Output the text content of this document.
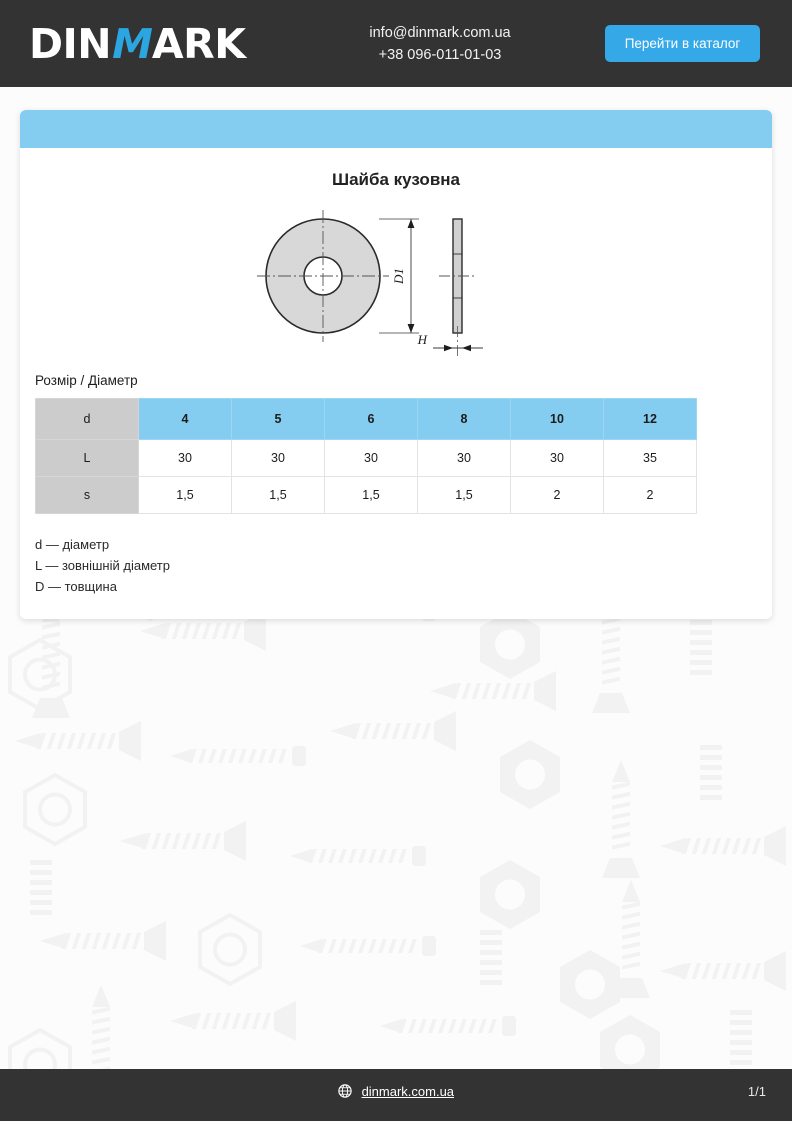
DINMARK	info@dinmark.com.ua
+38 096-011-01-03
Перейти в каталог
Шайба кузовна
D1
H
Розмір / Діаметр
d	4	5	6	8	10	12
L	30	30	30	30	30	35
s	1,5	1,5	1,5	1,5	2	2
d — діаметр
L — зовнішній діаметр
D — товщина
dinmark.com.ua	1/1
